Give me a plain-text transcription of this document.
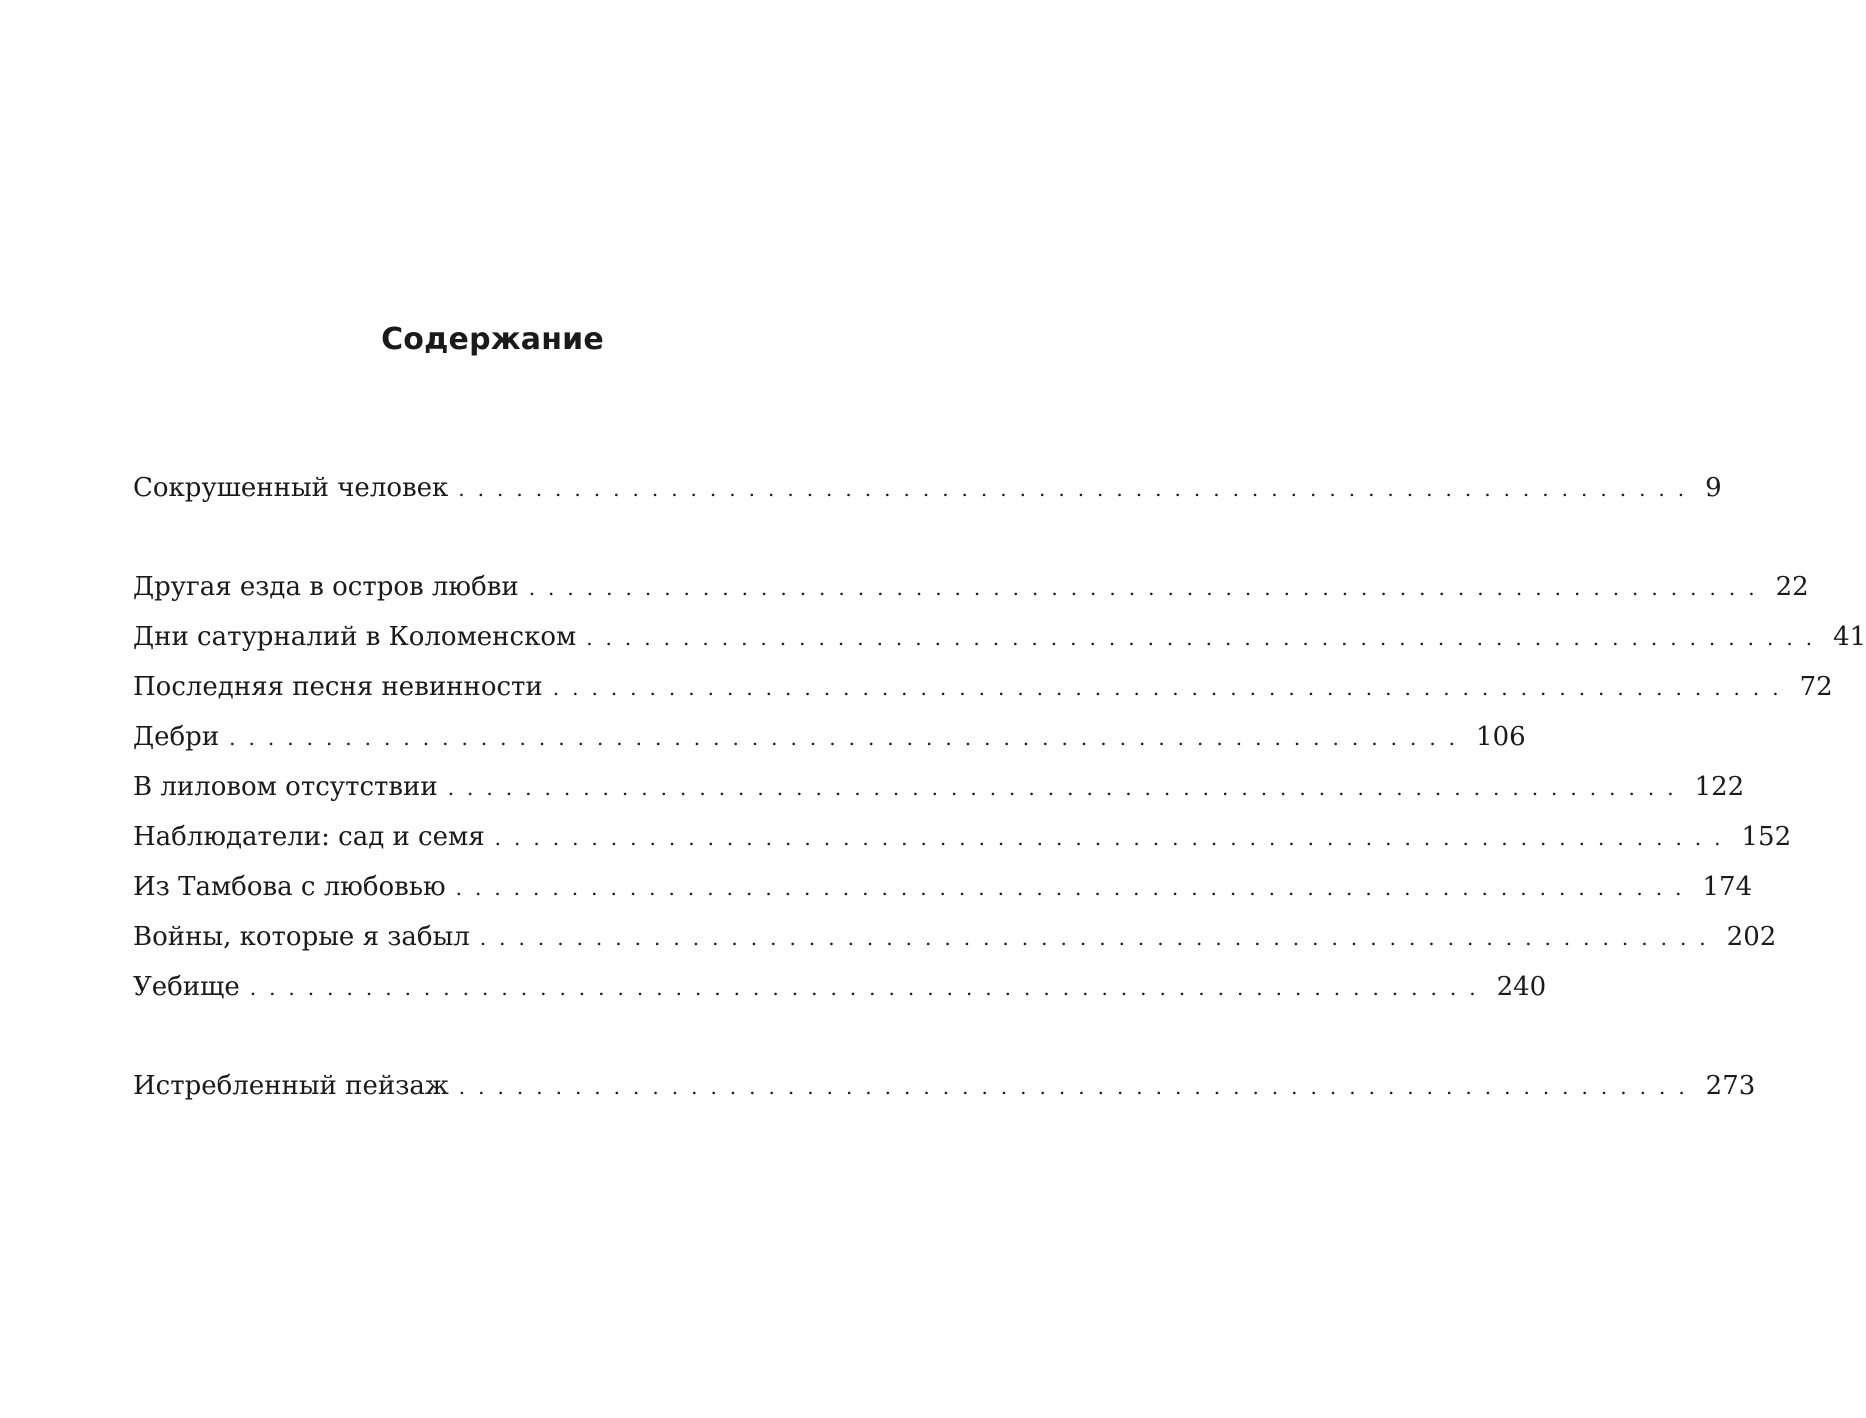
Содержание
Сокрушенный человек ................................................................ 9
Другая езда в остров любви ................................................................ 22
Дни сатурналий в Коломенском ................................................................ 41
Последняя песня невинности ................................................................ 72
Дебри ................................................................ 106
В лиловом отсутствии ................................................................ 122
Наблюдатели: сад и семя ................................................................ 152
Из Тамбова с любовью ................................................................ 174
Войны, которые я забыл ................................................................ 202
Уебище ................................................................ 240
Истребленный пейзаж ................................................................ 273
